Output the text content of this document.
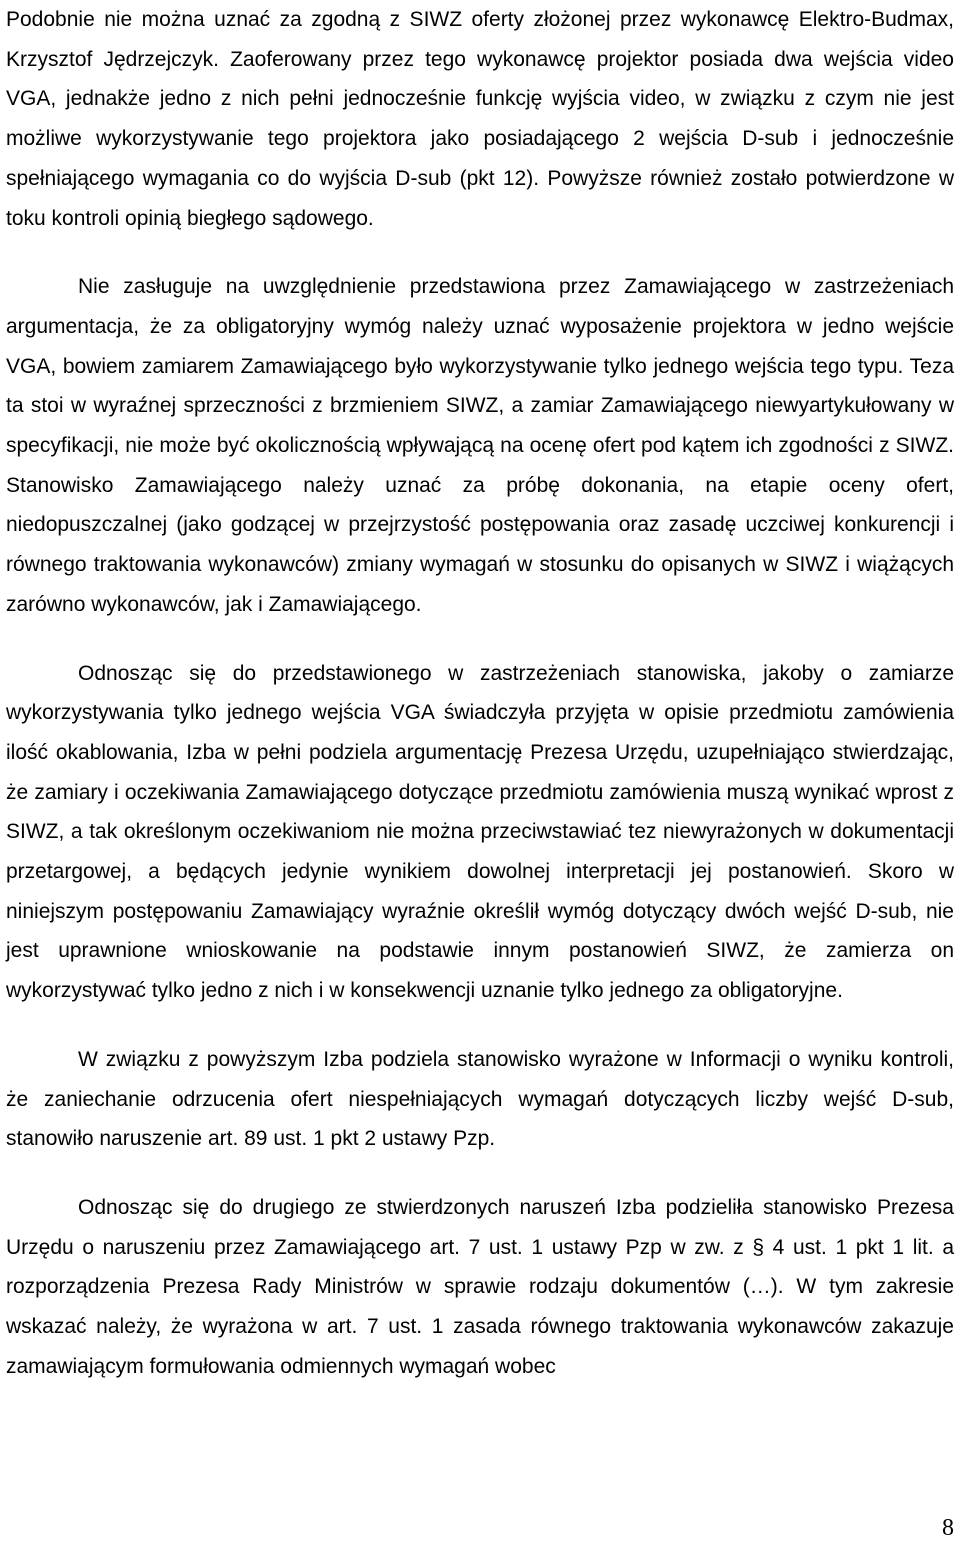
Podobnie nie można uznać za zgodną z SIWZ oferty złożonej przez wykonawcę Elektro-Budmax, Krzysztof Jędrzejczyk. Zaoferowany przez tego wykonawcę projektor posiada dwa wejścia video VGA, jednakże jedno z nich pełni jednocześnie funkcję wyjścia video, w związku z czym nie jest możliwe wykorzystywanie tego projektora jako posiadającego 2 wejścia D-sub i jednocześnie spełniającego wymagania co do wyjścia D-sub (pkt 12). Powyższe również zostało potwierdzone w toku kontroli opinią biegłego sądowego.

Nie zasługuje na uwzględnienie przedstawiona przez Zamawiającego w zastrzeżeniach argumentacja, że za obligatoryjny wymóg należy uznać wyposażenie projektora w jedno wejście VGA, bowiem zamiarem Zamawiającego było wykorzystywanie tylko jednego wejścia tego typu. Teza ta stoi w wyraźnej sprzeczności z brzmieniem SIWZ, a zamiar Zamawiającego niewyartykułowany w specyfikacji, nie może być okolicznością wpływającą na ocenę ofert pod kątem ich zgodności z SIWZ. Stanowisko Zamawiającego należy uznać za próbę dokonania, na etapie oceny ofert, niedopuszczalnej (jako godzącej w przejrzystość postępowania oraz zasadę uczciwej konkurencji i równego traktowania wykonawców) zmiany wymagań w stosunku do opisanych w SIWZ i wiążących zarówno wykonawców, jak i Zamawiającego.

Odnosząc się do przedstawionego w zastrzeżeniach stanowiska, jakoby o zamiarze wykorzystywania tylko jednego wejścia VGA świadczyła przyjęta w opisie przedmiotu zamówienia ilość okablowania, Izba w pełni podziela argumentację Prezesa Urzędu, uzupełniająco stwierdzając, że zamiary i oczekiwania Zamawiającego dotyczące przedmiotu zamówienia muszą wynikać wprost z SIWZ, a tak określonym oczekiwaniom nie można przeciwstawiać tez niewyrażonych w dokumentacji przetargowej, a będących jedynie wynikiem dowolnej interpretacji jej postanowień. Skoro w niniejszym postępowaniu Zamawiający wyraźnie określił wymóg dotyczący dwóch wejść D-sub, nie jest uprawnione wnioskowanie na podstawie innym postanowień SIWZ, że zamierza on wykorzystywać tylko jedno z nich i w konsekwencji uznanie tylko jednego za obligatoryjne.

W związku z powyższym Izba podziela stanowisko wyrażone w Informacji o wyniku kontroli, że zaniechanie odrzucenia ofert niespełniających wymagań dotyczących liczby wejść D-sub, stanowiło naruszenie art. 89 ust. 1 pkt 2 ustawy Pzp.

Odnosząc się do drugiego ze stwierdzonych naruszeń Izba podzieliła stanowisko Prezesa Urzędu o naruszeniu przez Zamawiającego art. 7 ust. 1 ustawy Pzp w zw. z § 4 ust. 1 pkt 1 lit. a rozporządzenia Prezesa Rady Ministrów w sprawie rodzaju dokumentów (…). W tym zakresie wskazać należy, że wyrażona w art. 7 ust. 1 zasada równego traktowania wykonawców zakazuje zamawiającym formułowania odmiennych wymagań wobec

8
